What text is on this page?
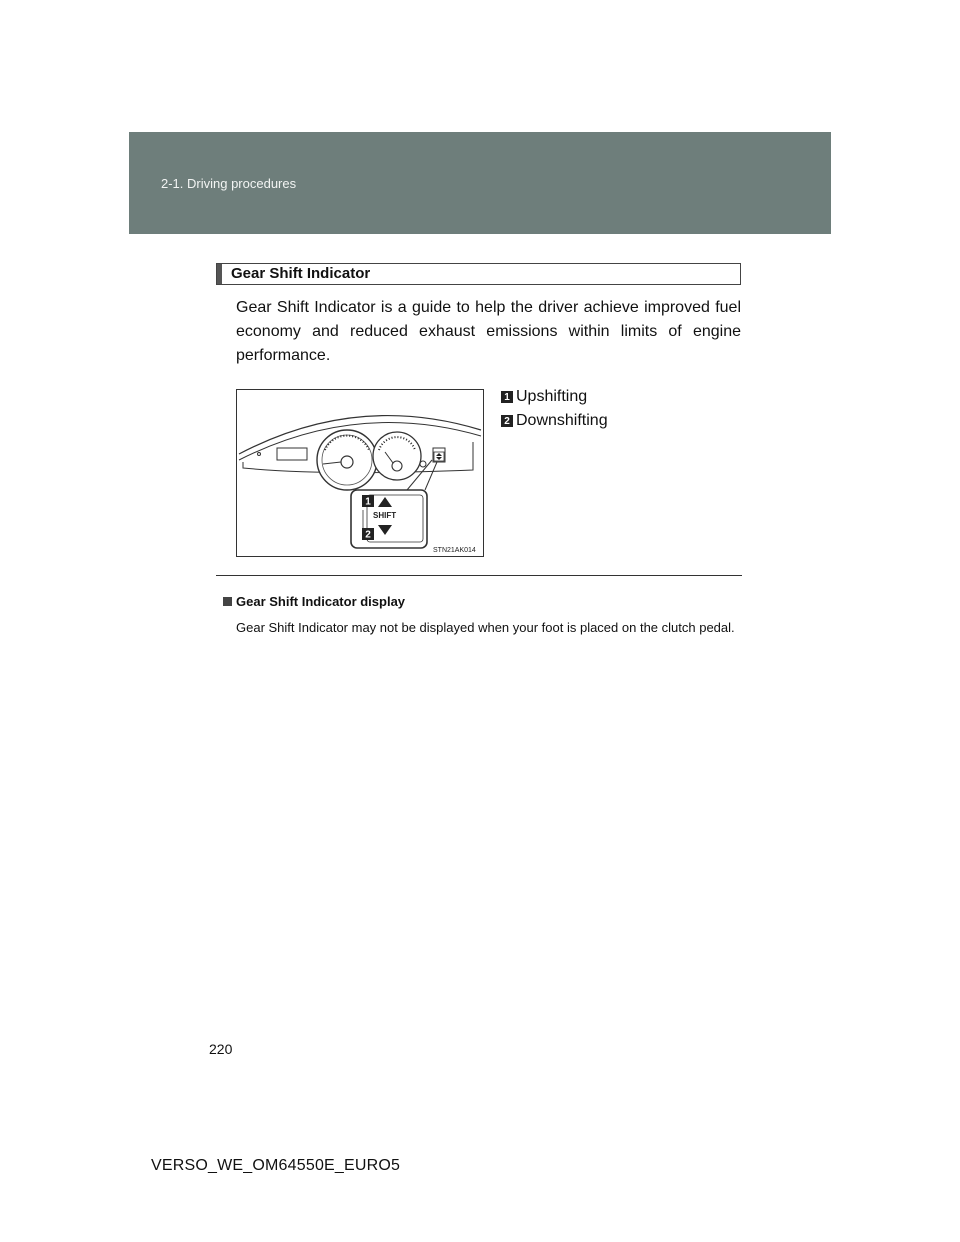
2-1. Driving procedures
Gear Shift Indicator
Gear Shift Indicator is a guide to help the driver achieve improved fuel economy and reduced exhaust emissions within limits of engine performance.
SHIFT
1
2
STN21AK014
1 Upshifting
2 Downshifting
Gear Shift Indicator display
Gear Shift Indicator may not be displayed when your foot is placed on the clutch pedal.
220
VERSO_WE_OM64550E_EURO5
